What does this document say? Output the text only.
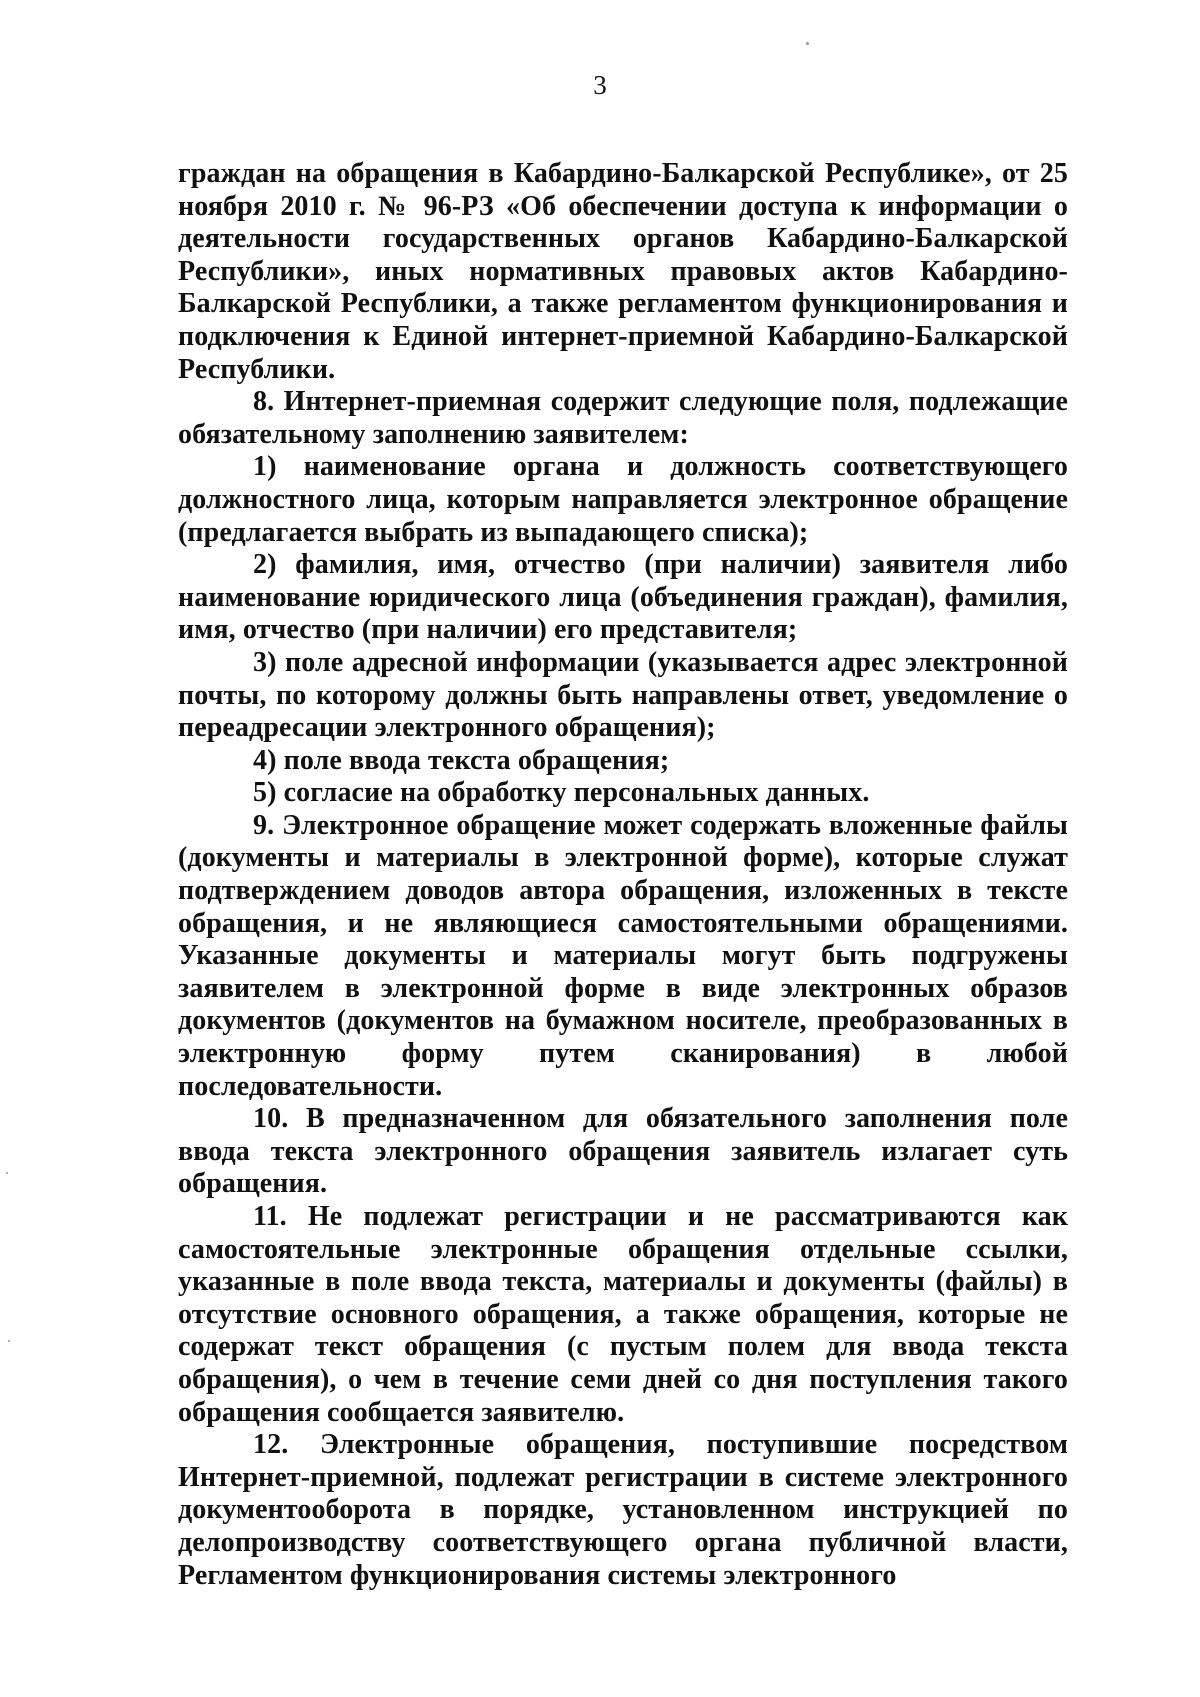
3

граждан на обращения в Кабардино-Балкарской Республике», от 25 ноября 2010 г. № 96-РЗ «Об обеспечении доступа к информации о деятельности государственных органов Кабардино-Балкарской Республики», иных нормативных правовых актов Кабардино-Балкарской Республики, а также регламентом функционирования и подключения к Единой интернет-приемной Кабардино-Балкарской Республики.

8. Интернет-приемная содержит следующие поля, подлежащие обязательному заполнению заявителем:

1) наименование органа и должность соответствующего должностного лица, которым направляется электронное обращение (предлагается выбрать из выпадающего списка);

2) фамилия, имя, отчество (при наличии) заявителя либо наименование юридического лица (объединения граждан), фамилия, имя, отчество (при наличии) его представителя;

3) поле адресной информации (указывается адрес электронной почты, по которому должны быть направлены ответ, уведомление о переадресации электронного обращения);

4) поле ввода текста обращения;

5) согласие на обработку персональных данных.

9. Электронное обращение может содержать вложенные файлы (документы и материалы в электронной форме), которые служат подтверждением доводов автора обращения, изложенных в тексте обращения, и не являющиеся самостоятельными обращениями. Указанные документы и материалы могут быть подгружены заявителем в электронной форме в виде электронных образов документов (документов на бумажном носителе, преобразованных в электронную форму путем сканирования) в любой последовательности.

10. В предназначенном для обязательного заполнения поле ввода текста электронного обращения заявитель излагает суть обращения.

11. Не подлежат регистрации и не рассматриваются как самостоятельные электронные обращения отдельные ссылки, указанные в поле ввода текста, материалы и документы (файлы) в отсутствие основного обращения, а также обращения, которые не содержат текст обращения (с пустым полем для ввода текста обращения), о чем в течение семи дней со дня поступления такого обращения сообщается заявителю.

12. Электронные обращения, поступившие посредством Интернет-приемной, подлежат регистрации в системе электронного документооборота в порядке, установленном инструкцией по делопроизводству соответствующего органа публичной власти, Регламентом функционирования системы электронного
